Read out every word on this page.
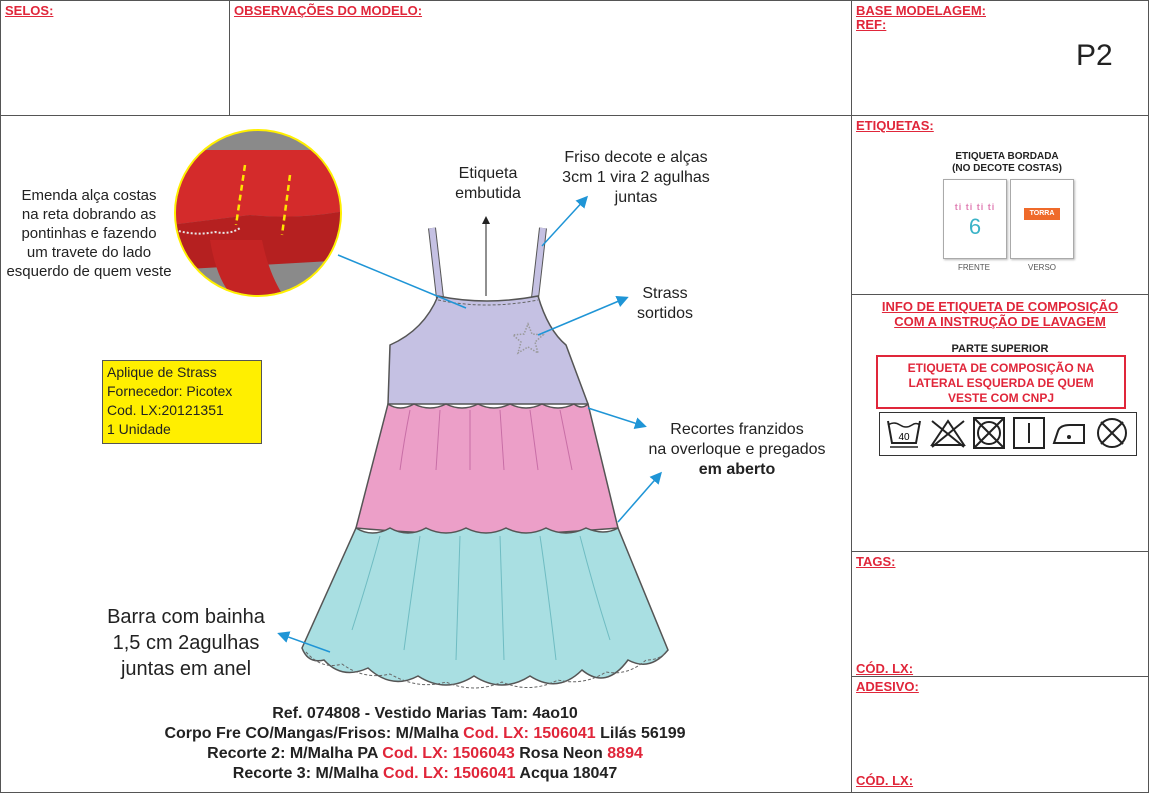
SELOS:	OBSERVAÇÕES DO MODELO:	BASE MODELAGEM:
REF:
P2
ETIQUETAS:
ETIQUETA BORDADA
(NO DECOTE COSTAS)
ti ti ti ti
6
TORRA
FRENTE	VERSO
INFO DE ETIQUETA DE COMPOSIÇÃO
COM A INSTRUÇÃO DE LAVAGEM
PARTE SUPERIOR
ETIQUETA DE COMPOSIÇÃO NA
LATERAL ESQUERDA DE QUEM
VESTE COM CNPJ
40
TAGS:
CÓD. LX:
ADESIVO:
CÓD. LX:
Emenda alça costas
na reta dobrando as
pontinhas e fazendo
um travete do lado
esquerdo de quem veste
Etiqueta
embutida
Friso decote e alças
3cm 1 vira 2 agulhas
juntas
Strass
sortidos
Recortes franzidos
na overloque e pregados
em aberto
Barra com bainha
1,5 cm 2agulhas
juntas em anel
Aplique de Strass
Fornecedor: Picotex
Cod. LX:20121351
1 Unidade
Ref. 074808 - Vestido Marias Tam: 4ao10
Corpo Fre CO/Mangas/Frisos: M/Malha Cod. LX: 1506041 Lilás 56199
Recorte 2: M/Malha PA Cod. LX: 1506043 Rosa Neon 8894
Recorte 3: M/Malha Cod. LX: 1506041 Acqua 18047
